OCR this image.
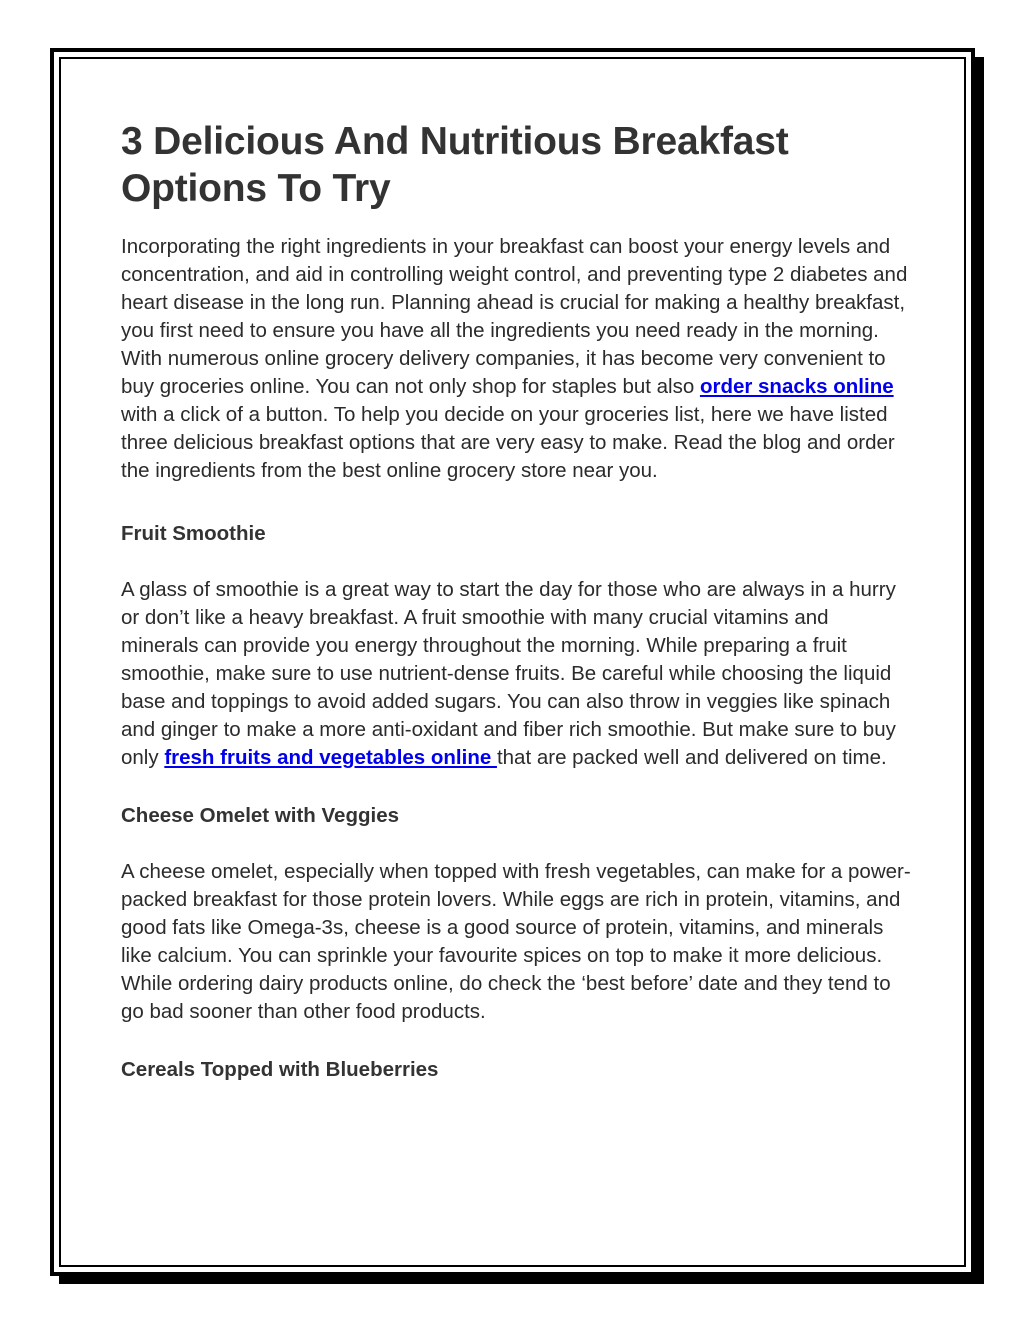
3 Delicious And Nutritious Breakfast Options To Try

Incorporating the right ingredients in your breakfast can boost your energy levels and concentration, and aid in controlling weight control, and preventing type 2 diabetes and heart disease in the long run. Planning ahead is crucial for making a healthy breakfast, you first need to ensure you have all the ingredients you need ready in the morning. With numerous online grocery delivery companies, it has become very convenient to buy groceries online. You can not only shop for staples but also order snacks online with a click of a button. To help you decide on your groceries list, here we have listed three delicious breakfast options that are very easy to make. Read the blog and order the ingredients from the best online grocery store near you.

Fruit Smoothie

A glass of smoothie is a great way to start the day for those who are always in a hurry or don’t like a heavy breakfast. A fruit smoothie with many crucial vitamins and minerals can provide you energy throughout the morning. While preparing a fruit smoothie, make sure to use nutrient-dense fruits. Be careful while choosing the liquid base and toppings to avoid added sugars. You can also throw in veggies like spinach and ginger to make a more anti-oxidant and fiber rich smoothie. But make sure to buy only fresh fruits and vegetables online that are packed well and delivered on time.

Cheese Omelet with Veggies

A cheese omelet, especially when topped with fresh vegetables, can make for a power-packed breakfast for those protein lovers. While eggs are rich in protein, vitamins, and good fats like Omega-3s, cheese is a good source of protein, vitamins, and minerals like calcium. You can sprinkle your favourite spices on top to make it more delicious. While ordering dairy products online, do check the ‘best before’ date and they tend to go bad sooner than other food products.

Cereals Topped with Blueberries
